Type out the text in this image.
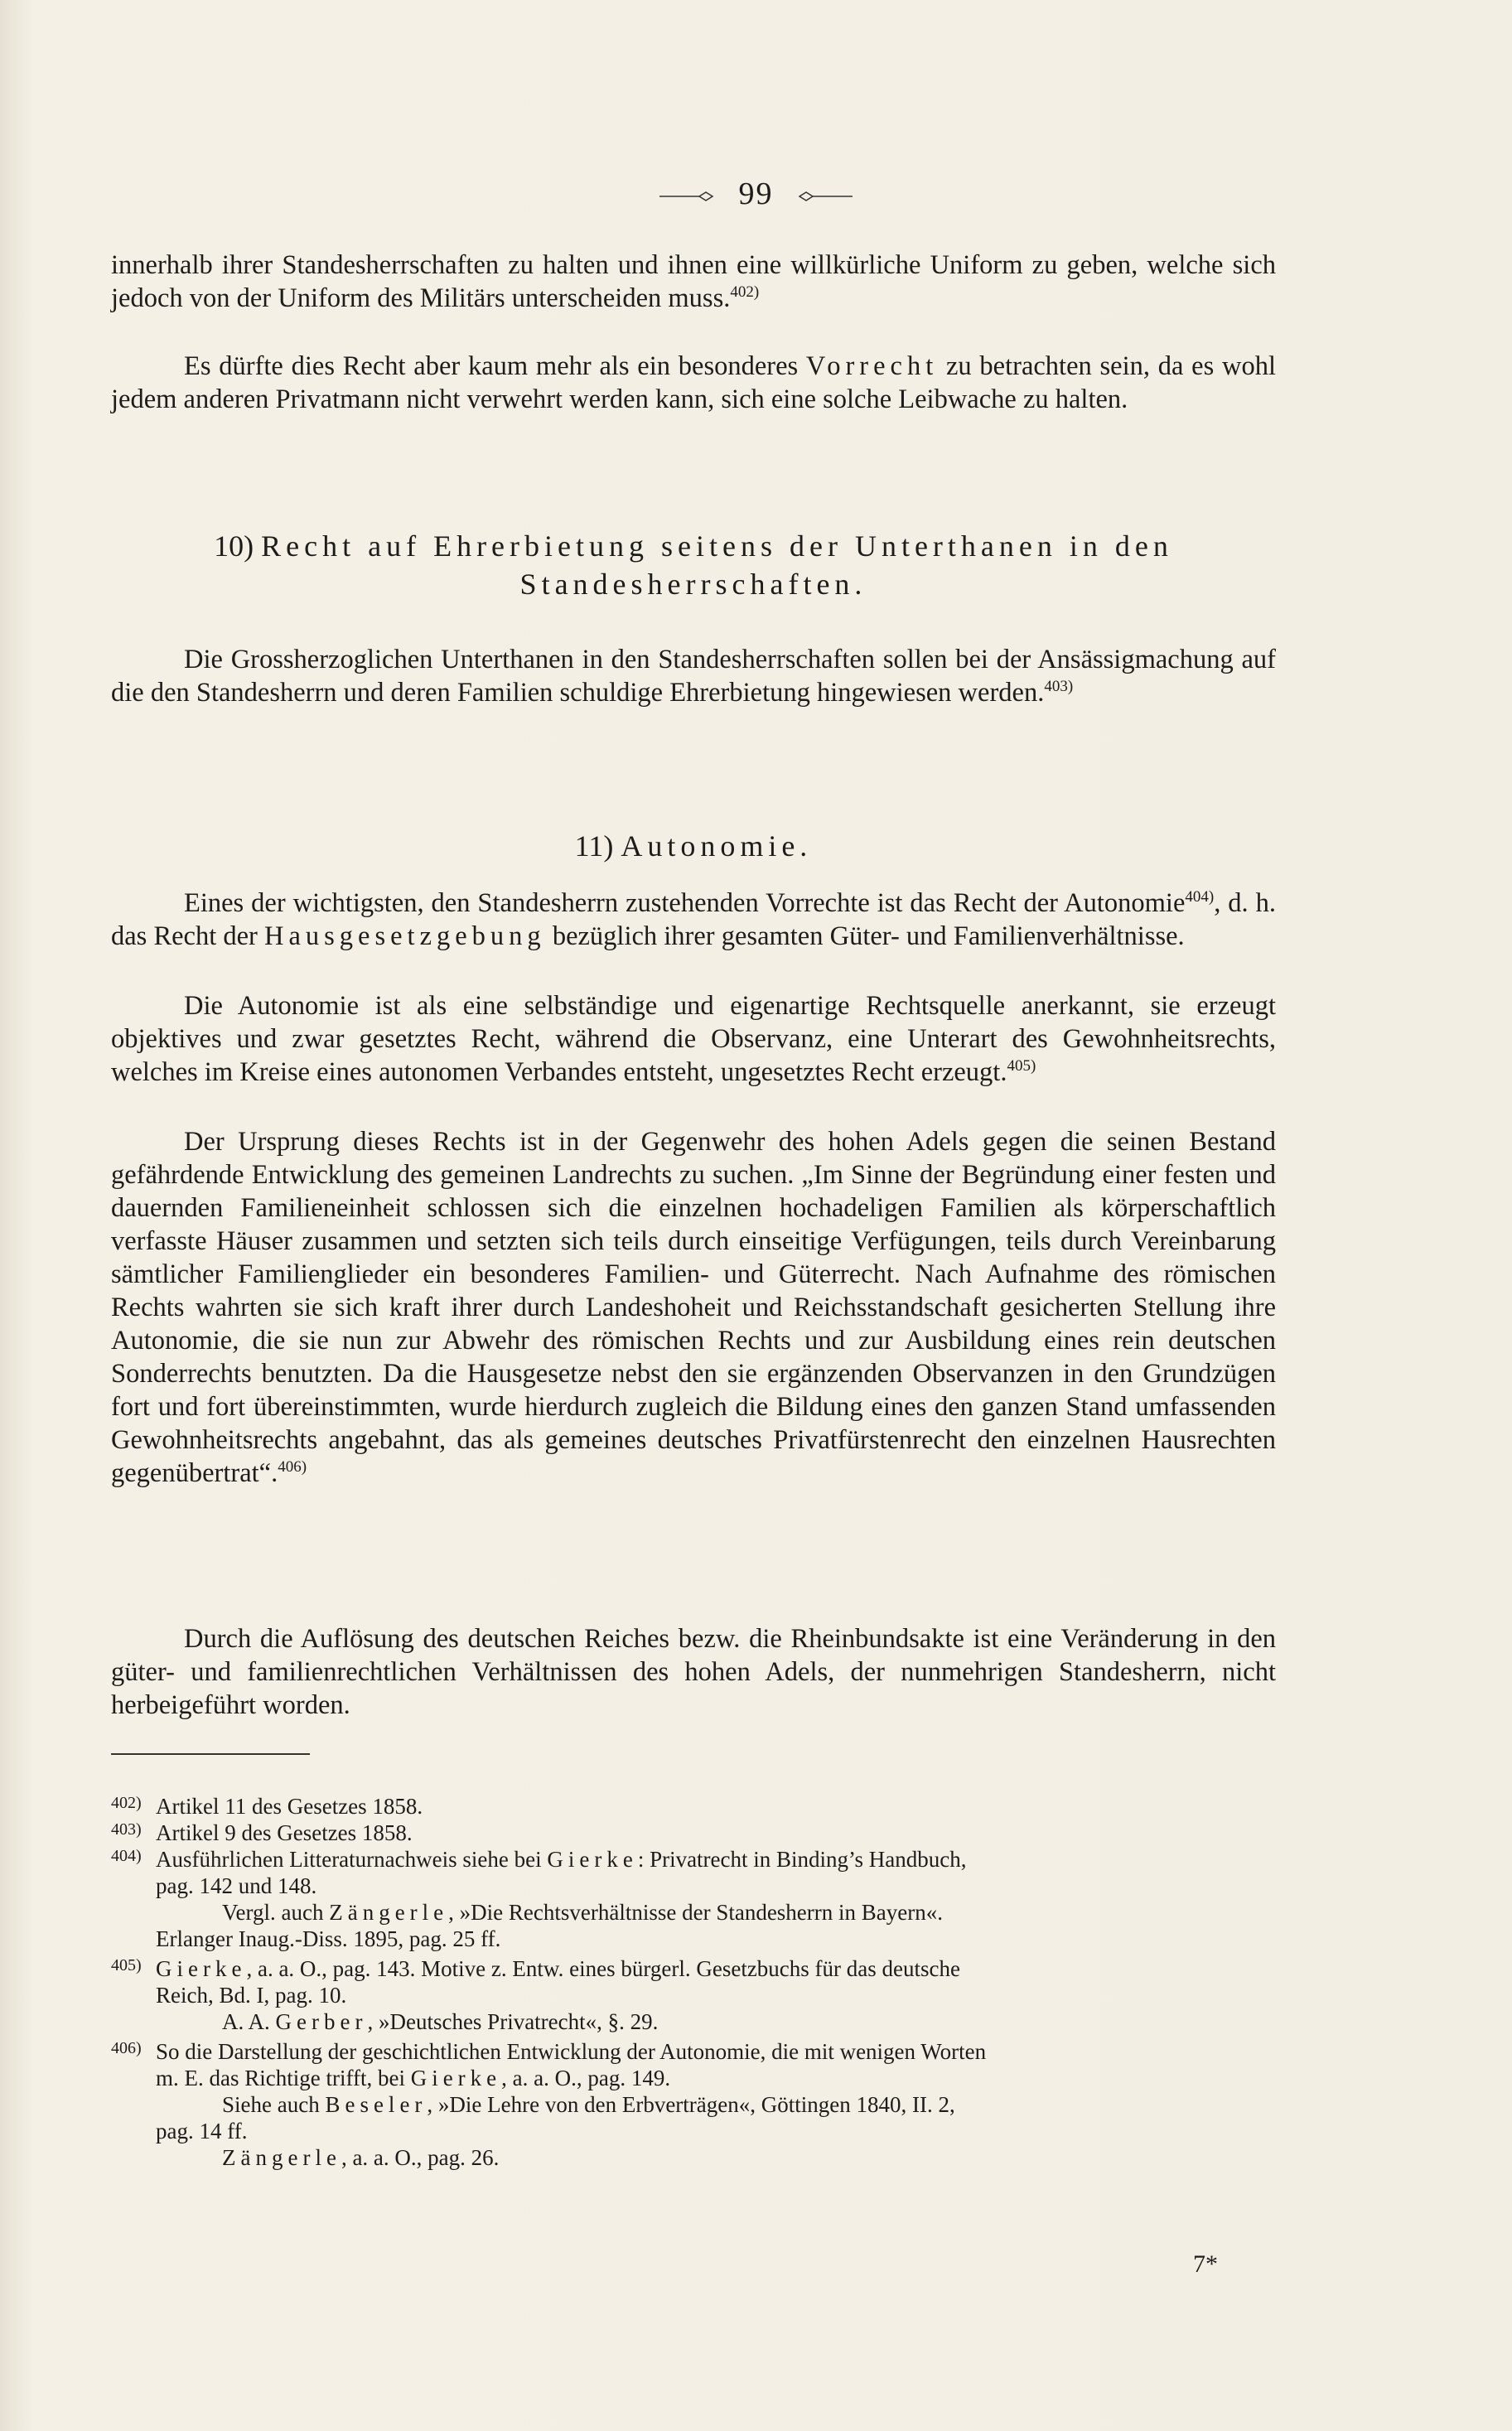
99

innerhalb ihrer Standesherrschaften zu halten und ihnen eine willkürliche Uniform zu geben, welche sich jedoch von der Uniform des Militärs unterscheiden muss.$^{402)}$

Es dürfte dies Recht aber kaum mehr als ein besonderes Vorrecht zu betrachten sein, da es wohl jedem anderen Privatmann nicht verwehrt werden kann, sich eine solche Leibwache zu halten.

10) Recht auf Ehrerbietung seitens der Unterthanen in den
Standesherrschaften.

Die Grossherzoglichen Unterthanen in den Standesherrschaften sollen bei der Ansässigmachung auf die den Standesherrn und deren Familien schuldige Ehrerbietung hingewiesen werden.$^{403)}$

11) Autonomie.

Eines der wichtigsten, den Standesherrn zustehenden Vorrechte ist das Recht der Autonomie$^{404)}$, d. h. das Recht der Hausgesetzgebung bezüglich ihrer gesamten Güter- und Familienverhältnisse.

Die Autonomie ist als eine selbständige und eigenartige Rechtsquelle anerkannt, sie erzeugt objektives und zwar gesetztes Recht, während die Observanz, eine Unterart des Gewohnheitsrechts, welches im Kreise eines autonomen Verbandes entsteht, ungesetztes Recht erzeugt.$^{405)}$

Der Ursprung dieses Rechts ist in der Gegenwehr des hohen Adels gegen die seinen Bestand gefährdende Entwicklung des gemeinen Landrechts zu suchen. „Im Sinne der Begründung einer festen und dauernden Familieneinheit schlossen sich die einzelnen hochadeligen Familien als körperschaftlich verfasste Häuser zusammen und setzten sich teils durch einseitige Verfügungen, teils durch Vereinbarung sämtlicher Familienglieder ein besonderes Familien- und Güterrecht. Nach Aufnahme des römischen Rechts wahrten sie sich kraft ihrer durch Landeshoheit und Reichsstandschaft gesicherten Stellung ihre Autonomie, die sie nun zur Abwehr des römischen Rechts und zur Ausbildung eines rein deutschen Sonderrechts benutzten. Da die Hausgesetze nebst den sie ergänzenden Observanzen in den Grundzügen fort und fort übereinstimmten, wurde hierdurch zugleich die Bildung eines den ganzen Stand umfassenden Gewohnheitsrechts angebahnt, das als gemeines deutsches Privatfürstenrecht den einzelnen Hausrechten gegenübertrat“.$^{406)}$

Durch die Auflösung des deutschen Reiches bezw. die Rheinbundsakte ist eine Veränderung in den güter- und familienrechtlichen Verhältnissen des hohen Adels, der nunmehrigen Standesherrn, nicht herbeigeführt worden.

402) Artikel 11 des Gesetzes 1858.
403) Artikel 9 des Gesetzes 1858.
404) Ausführlichen Litteraturnachweis siehe bei Gierke: Privatrecht in Binding’s Handbuch,
pag. 142 und 148.
Vergl. auch Zängerle, »Die Rechtsverhältnisse der Standesherrn in Bayern«.
Erlanger Inaug.-Diss. 1895, pag. 25 ff.
405) Gierke, a. a. O., pag. 143. Motive z. Entw. eines bürgerl. Gesetzbuchs für das deutsche
Reich, Bd. I, pag. 10.
A. A. Gerber, »Deutsches Privatrecht«, §. 29.
406) So die Darstellung der geschichtlichen Entwicklung der Autonomie, die mit wenigen Worten
m. E. das Richtige trifft, bei Gierke, a. a. O., pag. 149.
Siehe auch Beseler, »Die Lehre von den Erbverträgen«, Göttingen 1840, II. 2,
pag. 14 ff.
Zängerle, a. a. O., pag. 26.
7*
